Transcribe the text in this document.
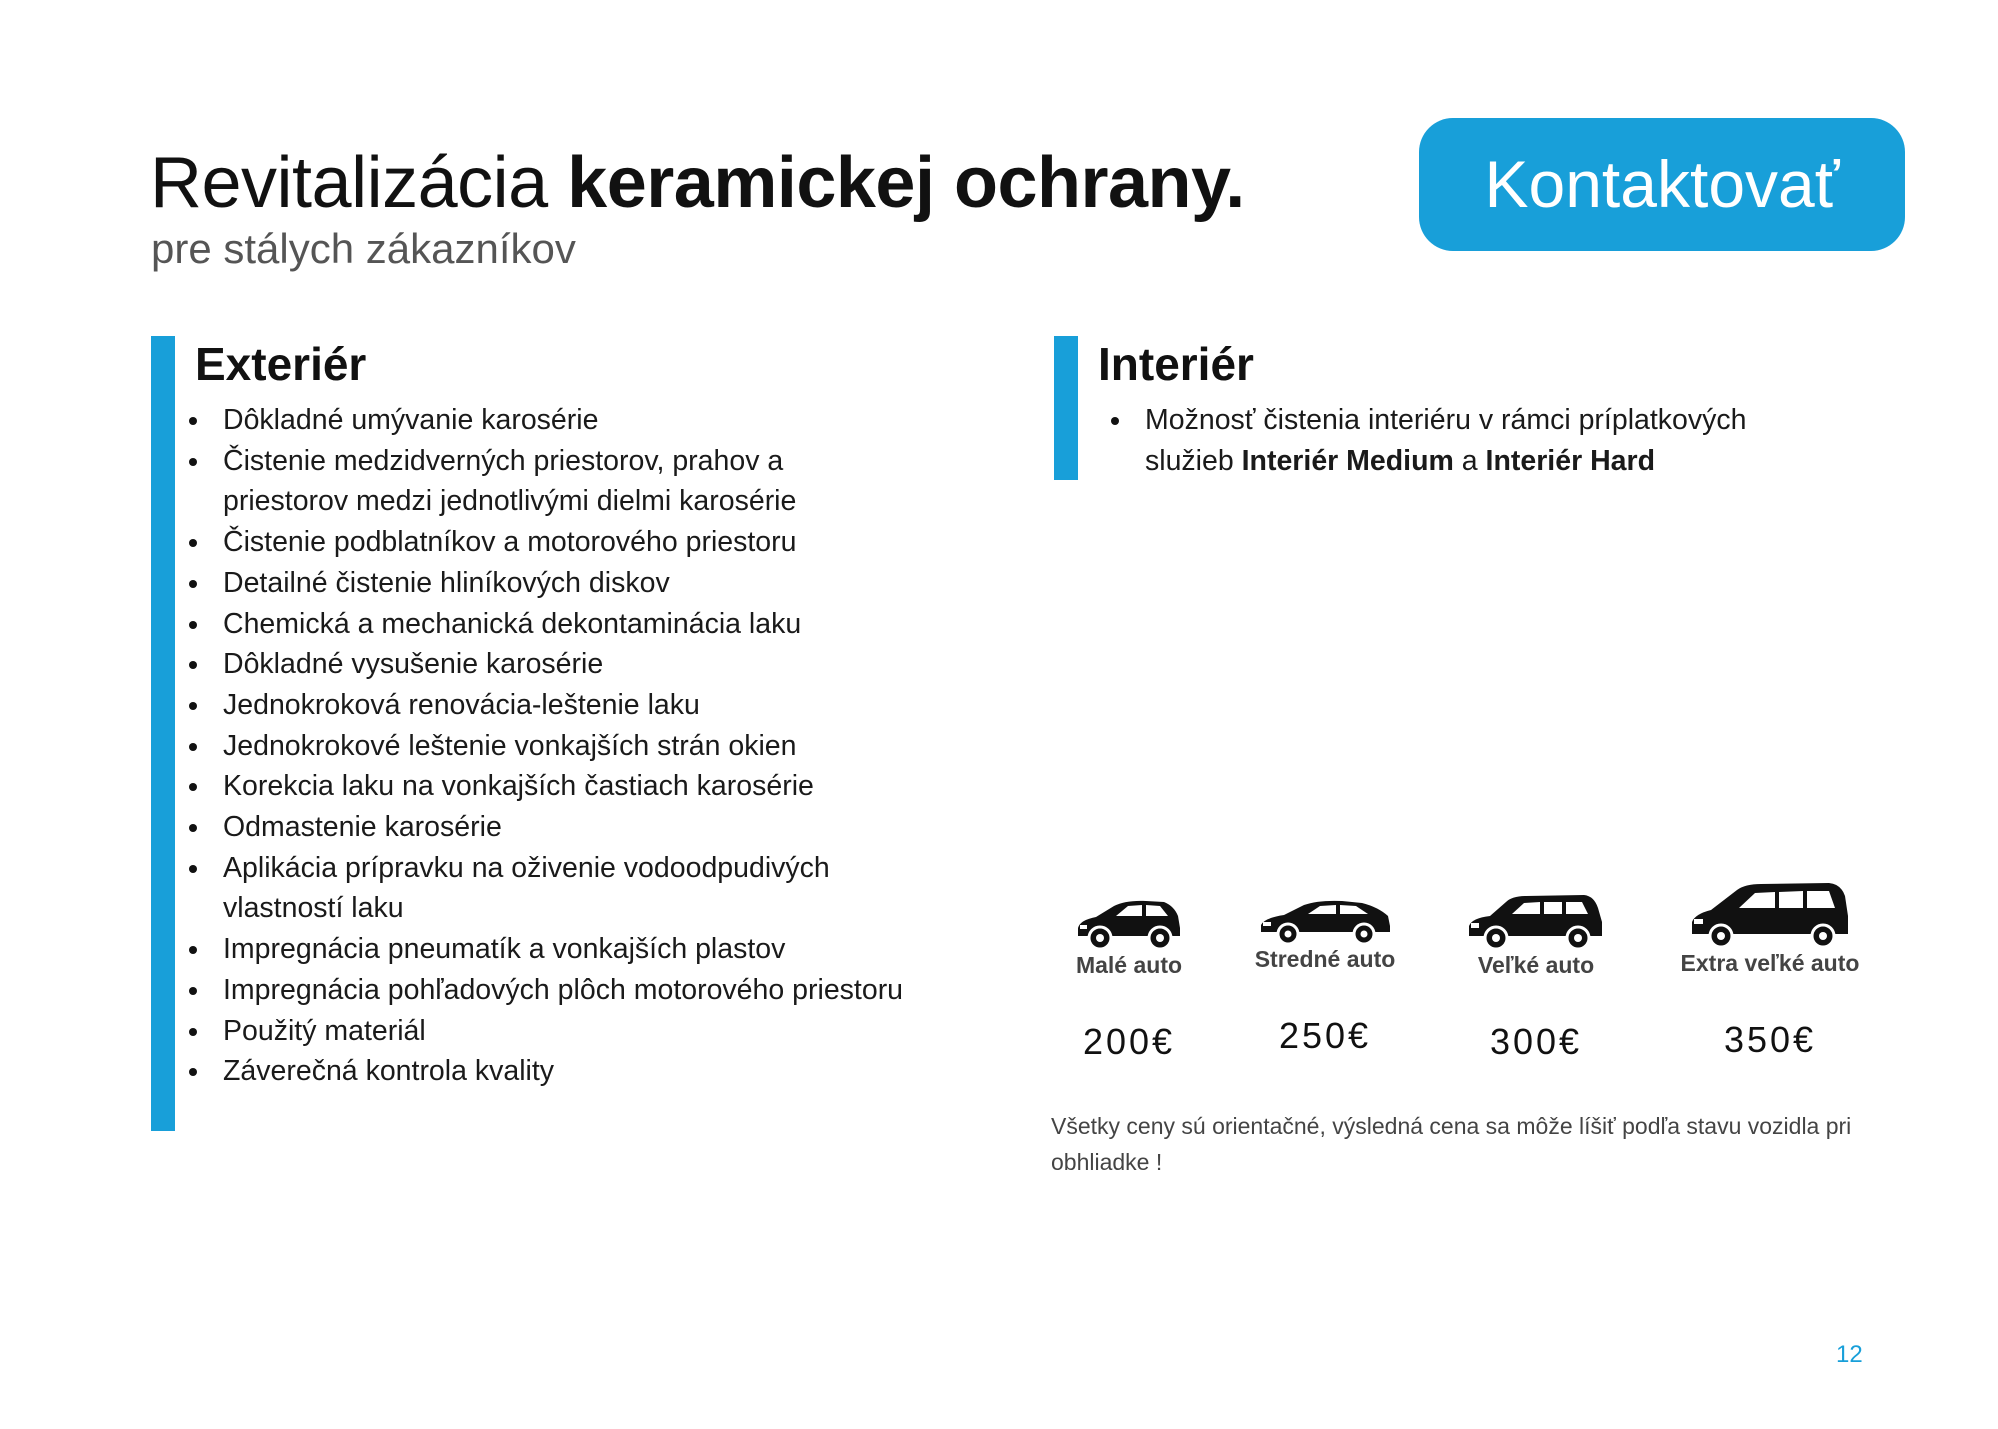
Revitalizácia keramickej ochrany.
pre stálych zákazníkov
Kontaktovať
Exteriér
Dôkladné umývanie karosérie
Čistenie medzidverných priestorov, prahov a priestorov medzi jednotlivými dielmi karosérie
Čistenie podblatníkov a motorového priestoru
Detailné čistenie hliníkových diskov
Chemická a mechanická dekontaminácia laku
Dôkladné vysušenie karosérie
Jednokroková renovácia-leštenie laku
Jednokrokové leštenie vonkajších strán okien
Korekcia laku na vonkajších častiach karosérie
Odmastenie karosérie
Aplikácia prípravku na oživenie vodoodpudivých vlastností laku
Impregnácia pneumatík a vonkajších plastov
Impregnácia pohľadových plôch motorového priestoru
Použitý materiál
Záverečná kontrola kvality
Interiér
Možnosť čistenia interiéru v rámci príplatkových služieb Interiér Medium a Interiér Hard
Malé auto
200€
Stredné auto
250€
Veľké auto
300€
Extra veľké auto
350€
Všetky ceny sú orientačné, výsledná cena sa môže líšiť podľa stavu vozidla pri obhliadke !
12
